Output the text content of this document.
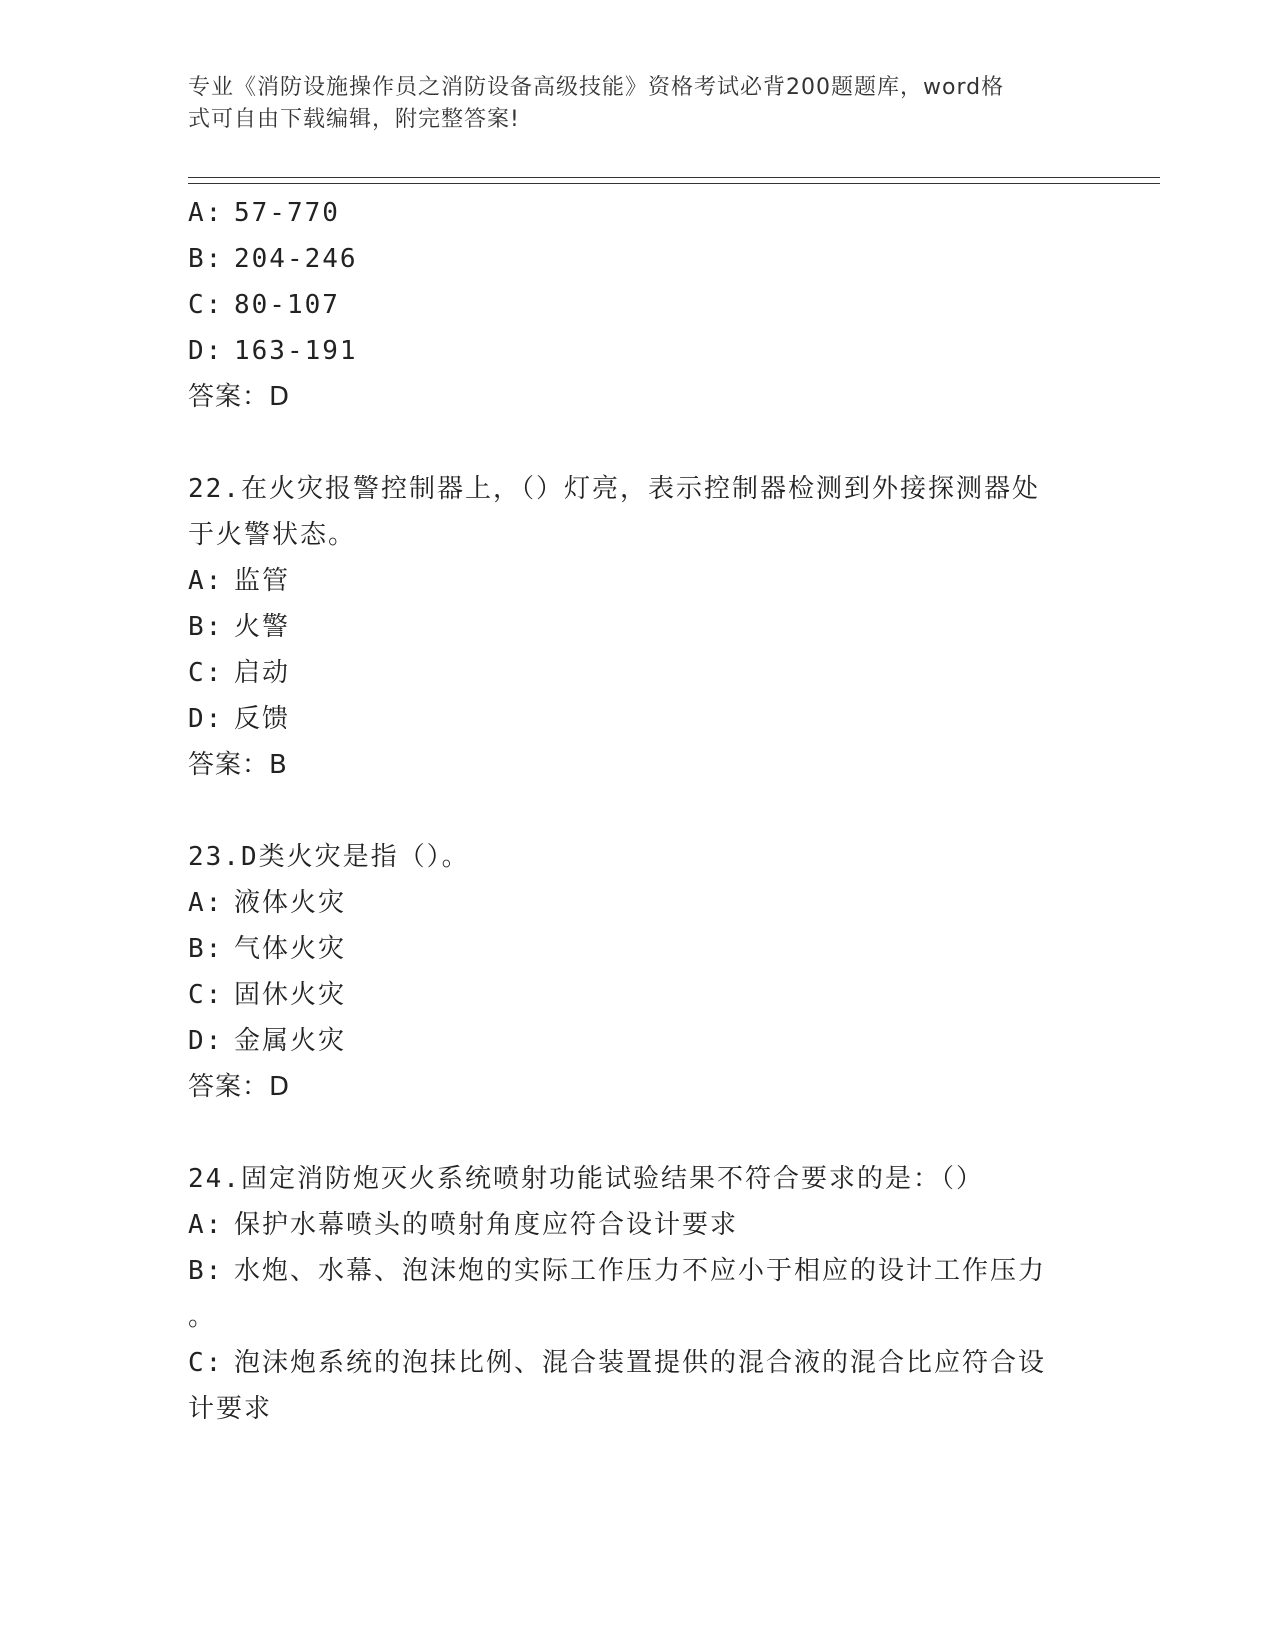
专业《消防设施操作员之消防设备高级技能》资格考试必背200题题库，word格
式可自由下载编辑，附完整答案!
A: 57-770
B: 204-246
C: 80-107
D: 163-191
答案：D
22.在火灾报警控制器上，（）灯亮，表示控制器检测到外接探测器处
于火警状态。
A: 监管
B: 火警
C: 启动
D: 反馈
答案：B
23.D类火灾是指（）。
A: 液体火灾
B: 气体火灾
C: 固休火灾
D: 金属火灾
答案：D
24.固定消防炮灭火系统喷射功能试验结果不符合要求的是：（）
A: 保护水幕喷头的喷射角度应符合设计要求
B: 水炮、水幕、泡沫炮的实际工作压力不应小于相应的设计工作压力
。
C: 泡沫炮系统的泡抹比例、混合装置提供的混合液的混合比应符合设
计要求
